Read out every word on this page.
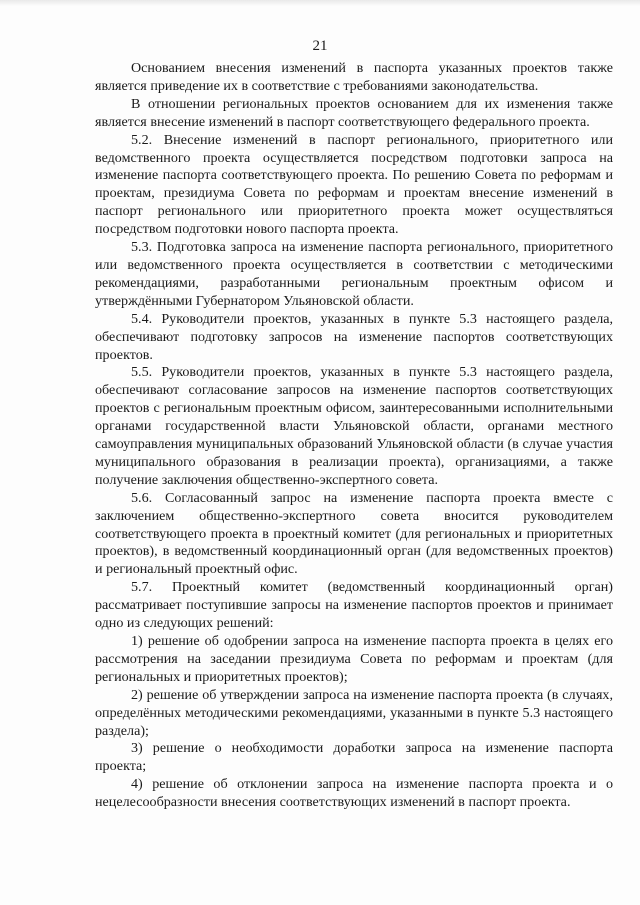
21

Основанием внесения изменений в паспорта указанных проектов также является приведение их в соответствие с требованиями законодательства.

В отношении региональных проектов основанием для их изменения также является внесение изменений в паспорт соответствующего федерального проекта.

5.2. Внесение изменений в паспорт регионального, приоритетного или ведомственного проекта осуществляется посредством подготовки запроса на изменение паспорта соответствующего проекта. По решению Совета по реформам и проектам, президиума Совета по реформам и проектам внесение изменений в паспорт регионального или приоритетного проекта может осуществляться посредством подготовки нового паспорта проекта.

5.3. Подготовка запроса на изменение паспорта регионального, приоритетного или ведомственного проекта осуществляется в соответствии с методическими рекомендациями, разработанными региональным проектным офисом и утверждёнными Губернатором Ульяновской области.

5.4. Руководители проектов, указанных в пункте 5.3 настоящего раздела, обеспечивают подготовку запросов на изменение паспортов соответствующих проектов.

5.5. Руководители проектов, указанных в пункте 5.3 настоящего раздела, обеспечивают согласование запросов на изменение паспортов соответствующих проектов с региональным проектным офисом, заинтересованными исполнительными органами государственной власти Ульяновской области, органами местного самоуправления муниципальных образований Ульяновской области (в случае участия муниципального образования в реализации проекта), организациями, а также получение заключения общественно-экспертного совета.

5.6. Согласованный запрос на изменение паспорта проекта вместе с заключением общественно-экспертного совета вносится руководителем соответствующего проекта в проектный комитет (для региональных и приоритетных проектов), в ведомственный координационный орган (для ведомственных проектов) и региональный проектный офис.

5.7. Проектный комитет (ведомственный координационный орган) рассматривает поступившие запросы на изменение паспортов проектов и принимает одно из следующих решений:

1) решение об одобрении запроса на изменение паспорта проекта в целях его рассмотрения на заседании президиума Совета по реформам и проектам (для региональных и приоритетных проектов);

2) решение об утверждении запроса на изменение паспорта проекта (в случаях, определённых методическими рекомендациями, указанными в пункте 5.3 настоящего раздела);

3) решение о необходимости доработки запроса на изменение паспорта проекта;

4) решение об отклонении запроса на изменение паспорта проекта и о нецелесообразности внесения соответствующих изменений в паспорт проекта.
